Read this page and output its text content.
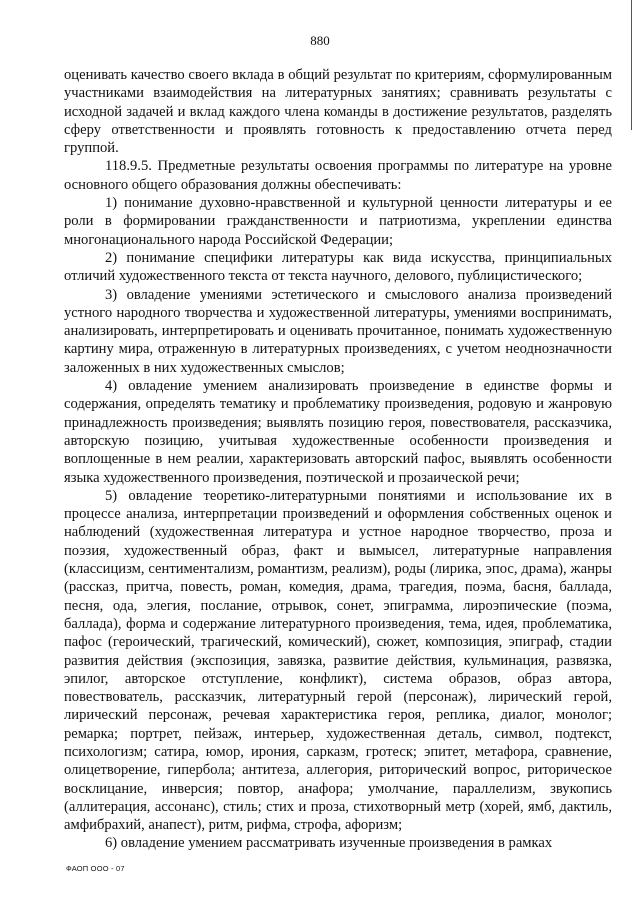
880

оценивать качество своего вклада в общий результат по критериям, сформулированным участниками взаимодействия на литературных занятиях; сравнивать результаты с исходной задачей и вклад каждого члена команды в достижение результатов, разделять сферу ответственности и проявлять готовность к предоставлению отчета перед группой.

118.9.5. Предметные результаты освоения программы по литературе на уровне основного общего образования должны обеспечивать:

1) понимание духовно-нравственной и культурной ценности литературы и ее роли в формировании гражданственности и патриотизма, укреплении единства многонационального народа Российской Федерации;

2) понимание специфики литературы как вида искусства, принципиальных отличий художественного текста от текста научного, делового, публицистического;

3) овладение умениями эстетического и смыслового анализа произведений устного народного творчества и художественной литературы, умениями воспринимать, анализировать, интерпретировать и оценивать прочитанное, понимать художественную картину мира, отраженную в литературных произведениях, с учетом неоднозначности заложенных в них художественных смыслов;

4) овладение умением анализировать произведение в единстве формы и содержания, определять тематику и проблематику произведения, родовую и жанровую принадлежность произведения; выявлять позицию героя, повествователя, рассказчика, авторскую позицию, учитывая художественные особенности произведения и воплощенные в нем реалии, характеризовать авторский пафос, выявлять особенности языка художественного произведения, поэтической и прозаической речи;

5) овладение теоретико-литературными понятиями и использование их в процессе анализа, интерпретации произведений и оформления собственных оценок и наблюдений (художественная литература и устное народное творчество, проза и поэзия, художественный образ, факт и вымысел, литературные направления (классицизм, сентиментализм, романтизм, реализм), роды (лирика, эпос, драма), жанры (рассказ, притча, повесть, роман, комедия, драма, трагедия, поэма, басня, баллада, песня, ода, элегия, послание, отрывок, сонет, эпиграмма, лироэпические (поэма, баллада), форма и содержание литературного произведения, тема, идея, проблематика, пафос (героический, трагический, комический), сюжет, композиция, эпиграф, стадии развития действия (экспозиция, завязка, развитие действия, кульминация, развязка, эпилог, авторское отступление, конфликт), система образов, образ автора, повествователь, рассказчик, литературный герой (персонаж), лирический герой, лирический персонаж, речевая характеристика героя, реплика, диалог, монолог; ремарка; портрет, пейзаж, интерьер, художественная деталь, символ, подтекст, психологизм; сатира, юмор, ирония, сарказм, гротеск; эпитет, метафора, сравнение, олицетворение, гипербола; антитеза, аллегория, риторический вопрос, риторическое восклицание, инверсия; повтор, анафора; умолчание, параллелизм, звукопись (аллитерация, ассонанс), стиль; стих и проза, стихотворный метр (хорей, ямб, дактиль, амфибрахий, анапест), ритм, рифма, строфа, афоризм;

6) овладение умением рассматривать изученные произведения в рамках

ФАОП ООО - 07
